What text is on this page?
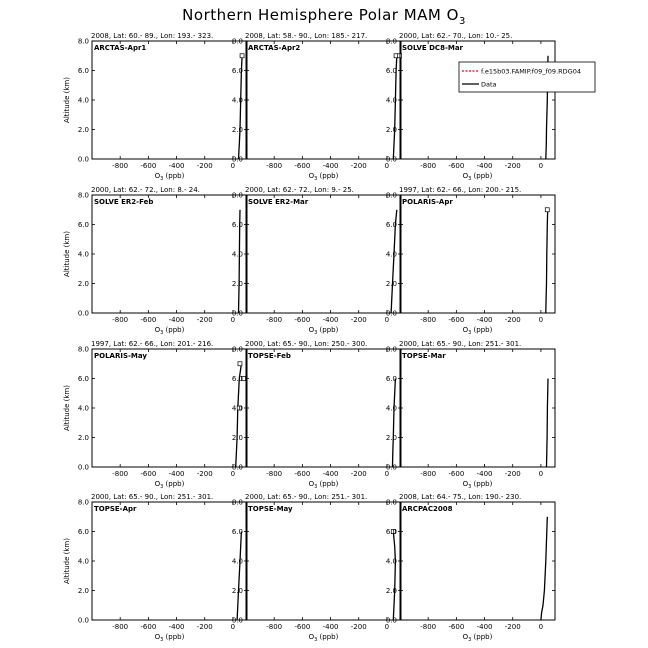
Northern Hemisphere Polar MAM $O_3$
2008, Lat: 60.- 89., Lon: 193.- 323.
ARCTAS-Apr1
-800 -600 -400 -200	0
0.0
2.0
4.0
6.0
8.0
$O_3$ (ppb)
Altitude (km)
2008, Lat: 58.- 90., Lon: 185.- 217.
ARCTAS-Apr2
-800 -600 -400 -200	0
0.0
2.0
4.0
6.0
8.0
$O_3$ (ppb)
2000, Lat: 62.- 70., Lon: 10.- 25.
SOLVE DC8-Mar
-800 -600 -400 -200	0
0.0
2.0
4.0
6.0
8.0
$O_3$ (ppb)
2000, Lat: 62.- 72., Lon: 8.- 24.
SOLVE ER2-Feb
-800 -600 -400 -200	0
0.0
2.0
4.0
6.0
8.0
$O_3$ (ppb)
Altitude (km)
2000, Lat: 62.- 72., Lon: 9.- 25.
SOLVE ER2-Mar
-800 -600 -400 -200	0
0.0
2.0
4.0
6.0
8.0
$O_3$ (ppb)
1997, Lat: 62.- 66., Lon: 200.- 215.
POLARIS-Apr
-800 -600 -400 -200	0
0.0
2.0
4.0
6.0
8.0
$O_3$ (ppb)
1997, Lat: 62.- 66., Lon: 201.- 216.
POLARIS-May
-800 -600 -400 -200	0
0.0
2.0
4.0
6.0
8.0
$O_3$ (ppb)
Altitude (km)
2000, Lat: 65.- 90., Lon: 250.- 300.
TOPSE-Feb
-800 -600 -400 -200	0
0.0
2.0
4.0
6.0
8.0
$O_3$ (ppb)
2000, Lat: 65.- 90., Lon: 251.- 301.
TOPSE-Mar
-800 -600 -400 -200	0
0.0
2.0
4.0
6.0
8.0
$O_3$ (ppb)
2000, Lat: 65.- 90., Lon: 251.- 301.
TOPSE-Apr
-800 -600 -400 -200	0
0.0
2.0
4.0
6.0
8.0
$O_3$ (ppb)
Altitude (km)
2000, Lat: 65.- 90., Lon: 251.- 301.
TOPSE-May
-800 -600 -400 -200	0
0.0
2.0
4.0
6.0
8.0
$O_3$ (ppb)
2008, Lat: 64.- 75., Lon: 190.- 230.
ARCPAC2008
-800 -600 -400 -200	0
0.0
2.0
4.0
6.0
8.0
$O_3$ (ppb)
f.e15b03.FAMIP.f09_f09.RDG04
Data
